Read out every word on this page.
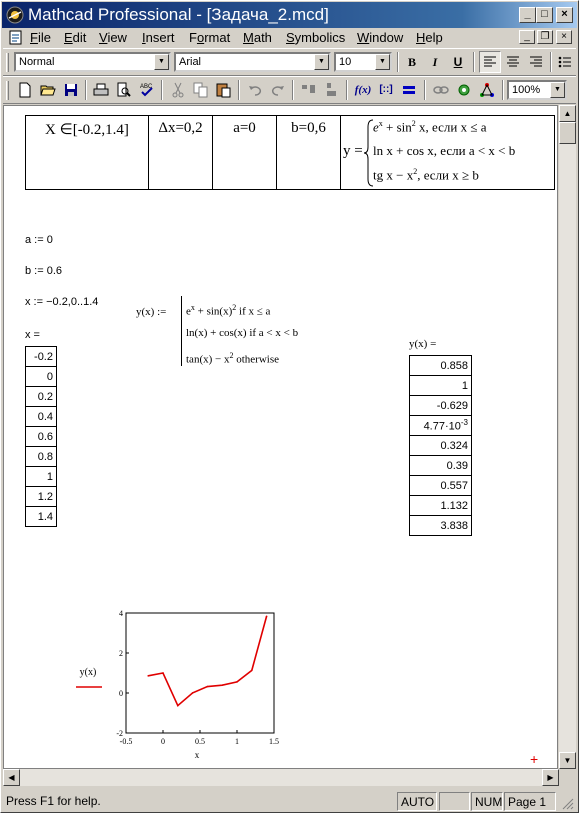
Mathcad Professional - [Задача_2.mcd]	_ □	×
File Edit View Insert Format Math Symbolics Window Help	_	❐	×
Normal	▼	Arial	▼	10	▼	B	I	U
ABC	f(x) [::]	100%	▼
X ∈[-0.2,1.4]	Δx=0,2	a=0	b=0,6	
y =
$e^x + \sin^2 x$, если x ≤ a
ln x + cos x, если a < x < b
tg $x - x^2$, если x ≥ b
a := 0
b := 0.6
x := −0.2,0..1.4
x =
-0.2
0
0.2
0.4
0.6
0.8
1
1.2
1.4
y(x) := $e^x + \sin(x)^2$ if x ≤ a
ln(x) + cos(x) if a < x < b
$\tan(x) - x^2$ otherwise
y(x) =
0.858
1
-0.629
$4.77\cdot 10^{-3}$
0.324
0.39
0.557
1.132
3.838
-0.5	0	0.5	1	1.5
-2
0
2
4
x
y(x)
+
▲
▼
◀	▶
Press F1 for help.	AUTO	NUM Page 1
